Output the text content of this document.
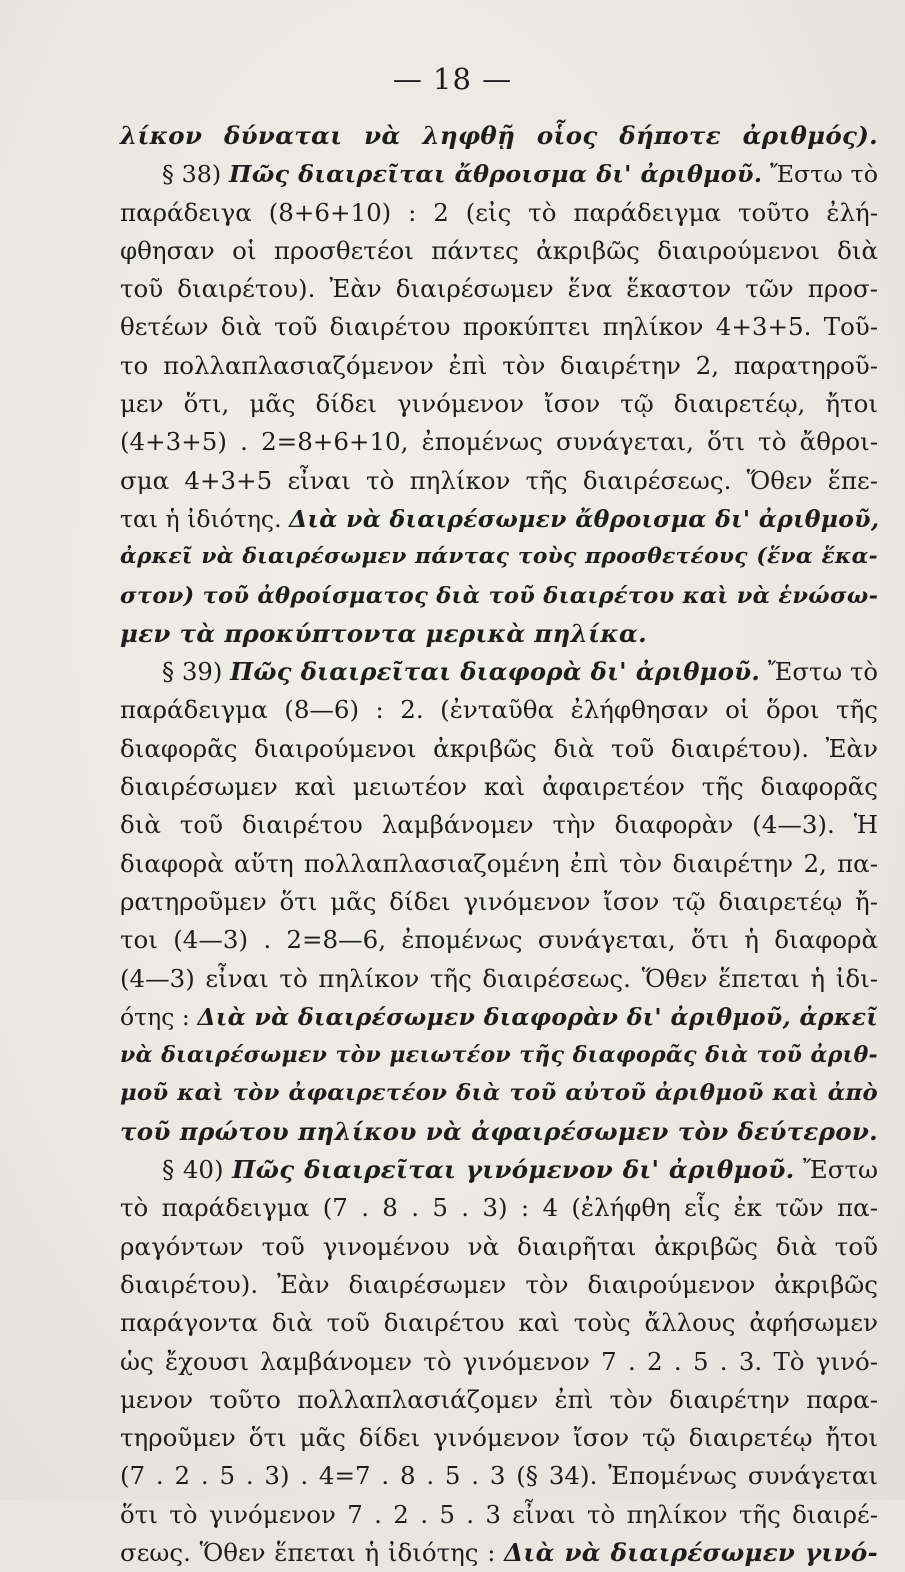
— 18 —
λίκον δύναται νὰ ληφθῇ οἷος δήποτε ἀριθμός).
§ 38) Πῶς διαιρεῖται ἄθροισμα δι' ἀριθμοῦ. Ἔστω τὸ
παράδειγα (8+6+10) : 2 (εἰς τὸ παράδειγμα τοῦτο ἐλή-
φθησαν οἱ προσθετέοι πάντες ἀκριβῶς διαιρούμενοι διὰ
τοῦ διαιρέτου). Ἐὰν διαιρέσωμεν ἕνα ἕκαστον τῶν προσ-
θετέων διὰ τοῦ διαιρέτου προκύπτει πηλίκον 4+3+5. Τοῦ-
το πολλαπλασιαζόμενον ἐπὶ τὸν διαιρέτην 2, παρατηροῦ-
μεν ὅτι, μᾶς δίδει γινόμενον ἴσον τῷ διαιρετέῳ, ἤτοι
(4+3+5) . 2=8+6+10, ἐπομένως συνάγεται, ὅτι τὸ ἄθροι-
σμα 4+3+5 εἶναι τὸ πηλίκον τῆς διαιρέσεως. Ὅθεν ἕπε-
ται ἡ ἰδιότης. Διὰ νὰ διαιρέσωμεν ἄθροισμα δι' ἀριθμοῦ,
ἀρκεῖ νὰ διαιρέσωμεν πάντας τοὺς προσθετέους (ἕνα ἕκα-
στον) τοῦ ἀθροίσματος διὰ τοῦ διαιρέτου καὶ νὰ ἑνώσω-
μεν τὰ προκύπτοντα μερικὰ πηλίκα.
§ 39) Πῶς διαιρεῖται διαφορὰ δι' ἀριθμοῦ. Ἔστω τὸ
παράδειγμα (8—6) : 2. (ἐνταῦθα ἐλήφθησαν οἱ ὅροι τῆς
διαφορᾶς διαιρούμενοι ἀκριβῶς διὰ τοῦ διαιρέτου). Ἐὰν
διαιρέσωμεν καὶ μειωτέον καὶ ἀφαιρετέον τῆς διαφορᾶς
διὰ τοῦ διαιρέτου λαμβάνομεν τὴν διαφορὰν (4—3). Ἡ
διαφορὰ αὕτη πολλαπλασιαζομένη ἐπὶ τὸν διαιρέτην 2, πα-
ρατηροῦμεν ὅτι μᾶς δίδει γινόμενον ἴσον τῷ διαιρετέῳ ἤ-
τοι (4—3) . 2=8—6, ἐπομένως συνάγεται, ὅτι ἡ διαφορὰ
(4—3) εἶναι τὸ πηλίκον τῆς διαιρέσεως. Ὅθεν ἕπεται ἡ ἰδι-
ότης : Διὰ νὰ διαιρέσωμεν διαφορὰν δι' ἀριθμοῦ, ἀρκεῖ
νὰ διαιρέσωμεν τὸν μειωτέον τῆς διαφορᾶς διὰ τοῦ ἀριθ-
μοῦ καὶ τὸν ἀφαιρετέον διὰ τοῦ αὐτοῦ ἀριθμοῦ καὶ ἀπὸ
τοῦ πρώτου πηλίκου νὰ ἀφαιρέσωμεν τὸν δεύτερον.
§ 40) Πῶς διαιρεῖται γινόμενον δι' ἀριθμοῦ. Ἔστω
τὸ παράδειγμα (7 . 8 . 5 . 3) : 4 (ἐλήφθη εἷς ἐκ τῶν πα-
ραγόντων τοῦ γινομένου νὰ διαιρῆται ἀκριβῶς διὰ τοῦ
διαιρέτου). Ἐὰν διαιρέσωμεν τὸν διαιρούμενον ἀκριβῶς
παράγοντα διὰ τοῦ διαιρέτου καὶ τοὺς ἄλλους ἀφήσωμεν
ὡς ἔχουσι λαμβάνομεν τὸ γινόμενον 7 . 2 . 5 . 3. Τὸ γινό-
μενον τοῦτο πολλαπλασιάζομεν ἐπὶ τὸν διαιρέτην παρα-
τηροῦμεν ὅτι μᾶς δίδει γινόμενον ἴσον τῷ διαιρετέῳ ἤτοι
(7 . 2 . 5 . 3) . 4=7 . 8 . 5 . 3 (§ 34). Ἐπομένως συνάγεται
ὅτι τὸ γινόμενον 7 . 2 . 5 . 3 εἶναι τὸ πηλίκον τῆς διαιρέ-
σεως. Ὅθεν ἕπεται ἡ ἰδιότης : Διὰ νὰ διαιρέσωμεν γινό-
